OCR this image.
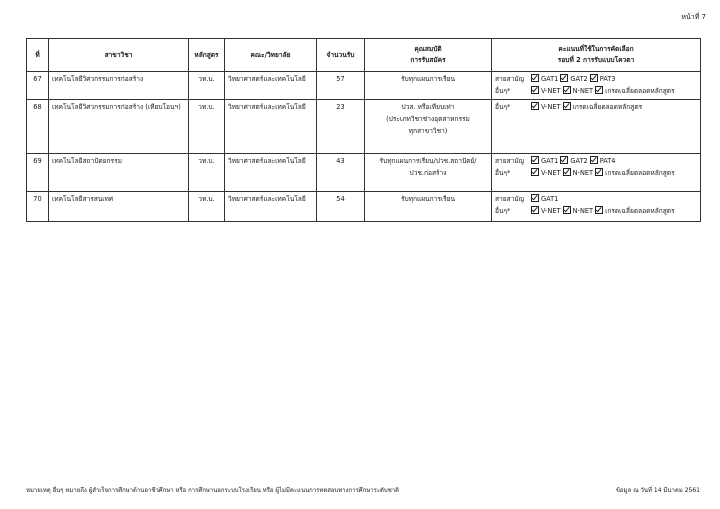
หน้าที่ 7
ที่	สาขาวิชา	หลักสูตร	คณะ/วิทยาลัย	จำนวนรับ	คุณสมบัติ
การรับสมัคร	คะแนนที่ใช้ในการคัดเลือก
รอบที่ 2 การรับแบบโควตา

67	เทคโนโลยีวิศวกรรมการก่อสร้าง	วท.บ.	วิทยาศาสตร์และเทคโนโลยี	57	รับทุกแผนการเรียน	สายสามัญ GAT1 GAT2 PAT3
อื่นๆ* V-NET N-NET เกรดเฉลี่ยตลอดหลักสูตร

68	เทคโนโลยีวิศวกรรมการก่อสร้าง (เทียบโอนฯ)	วท.บ.	วิทยาศาสตร์และเทคโนโลยี	23	ปวส. หรือเทียบเท่า
(ประเภทวิชาช่างอุตสาหกรรม
ทุกสาขาวิชา)	อื่นๆ* V-NET เกรดเฉลี่ยตลอดหลักสูตร

69	เทคโนโลยีสถาปัตยกรรม	วท.บ.	วิทยาศาสตร์และเทคโนโลยี	43	รับทุกแผนการเรียน/ปวช.สถาปัตย์/
ปวช.ก่อสร้าง	สายสามัญ GAT1 GAT2 PAT4
อื่นๆ* V-NET N-NET เกรดเฉลี่ยตลอดหลักสูตร

70	เทคโนโลยีสารสนเทศ	วท.บ.	วิทยาศาสตร์และเทคโนโลยี	54	รับทุกแผนการเรียน	สายสามัญ GAT1
อื่นๆ* V-NET N-NET เกรดเฉลี่ยตลอดหลักสูตร
หมายเหตุ อื่นๆ หมายถึง ผู้สำเร็จการศึกษาด้านอาชีวศึกษา หรือ การศึกษานอกระบบโรงเรียน หรือ ผู้ไม่มีคะแนนการทดสอบทางการศึกษาระดับชาติ	ข้อมูล ณ วันที่ 14 มีนาคม 2561
